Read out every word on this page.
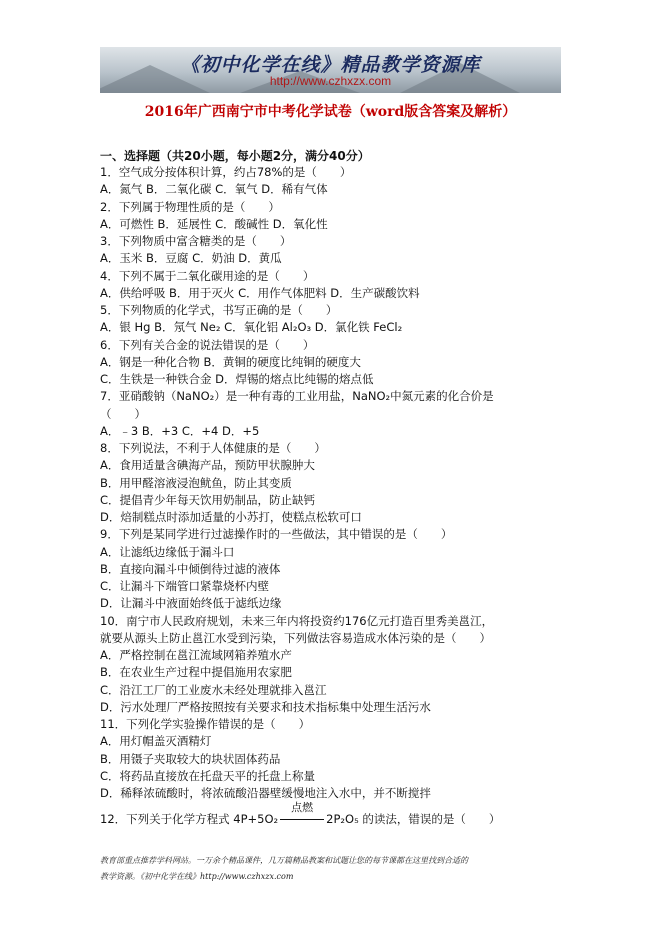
《初中化学在线》精品教学资源库
http://www.czhxzx.com
2016年广西南宁市中考化学试卷（word版含答案及解析）
一、选择题（共20小题，每小题2分，满分40分）
1．空气成分按体积计算，约占78%的是（　　）
A．氮气 B．二氧化碳 C．氧气 D．稀有气体
2．下列属于物理性质的是（　　）
A．可燃性 B．延展性 C．酸碱性 D．氧化性
3．下列物质中富含糖类的是（　　）
A．玉米 B．豆腐 C．奶油 D．黄瓜
4．下列不属于二氧化碳用途的是（　　）
A．供给呼吸 B．用于灭火 C．用作气体肥料 D．生产碳酸饮料
5．下列物质的化学式，书写正确的是（　　）
A．银 Hg B．氖气 Ne₂ C．氧化铝 Al₂O₃ D．氯化铁 FeCl₂
6．下列有关合金的说法错误的是（　　）
A．钢是一种化合物 B．黄铜的硬度比纯铜的硬度大
C．生铁是一种铁合金 D．焊锡的熔点比纯锡的熔点低
7．亚硝酸钠（NaNO₂）是一种有毒的工业用盐，NaNO₂中氮元素的化合价是
（　　）
A．﹣3 B．+3 C．+4 D．+5
8．下列说法，不利于人体健康的是（　　）
A．食用适量含碘海产品，预防甲状腺肿大
B．用甲醛溶液浸泡鱿鱼，防止其变质
C．提倡青少年每天饮用奶制品，防止缺钙
D．焙制糕点时添加适量的小苏打，使糕点松软可口
9．下列是某同学进行过滤操作时的一些做法，其中错误的是（　　）
A．让滤纸边缘低于漏斗口
B．直接向漏斗中倾倒待过滤的液体
C．让漏斗下端管口紧靠烧杯内壁
D．让漏斗中液面始终低于滤纸边缘
10．南宁市人民政府规划，未来三年内将投资约176亿元打造百里秀美邕江，
就要从源头上防止邕江水受到污染，下列做法容易造成水体污染的是（　　）
A．严格控制在邕江流域网箱养殖水产
B．在农业生产过程中提倡施用农家肥
C．沿江工厂的工业废水未经处理就排入邕江
D．污水处理厂严格按照按有关要求和技术指标集中处理生活污水
11．下列化学实验操作错误的是（　　）
A．用灯帽盖灭酒精灯
B．用镊子夹取较大的块状固体药品
C．将药品直接放在托盘天平的托盘上称量
D．稀释浓硫酸时，将浓硫酸沿器壁缓慢地注入水中，并不断搅拌
12．下列关于化学方程式 4P+5O₂
点燃
2P₂O₅ 的读法，错误的是（　　）
教育部重点推荐学科网站。一万余个精品课件，几万篇精品教案和试题让您的每节课都在这里找到合适的
教学资源。《初中化学在线》http://www.czhxzx.com
